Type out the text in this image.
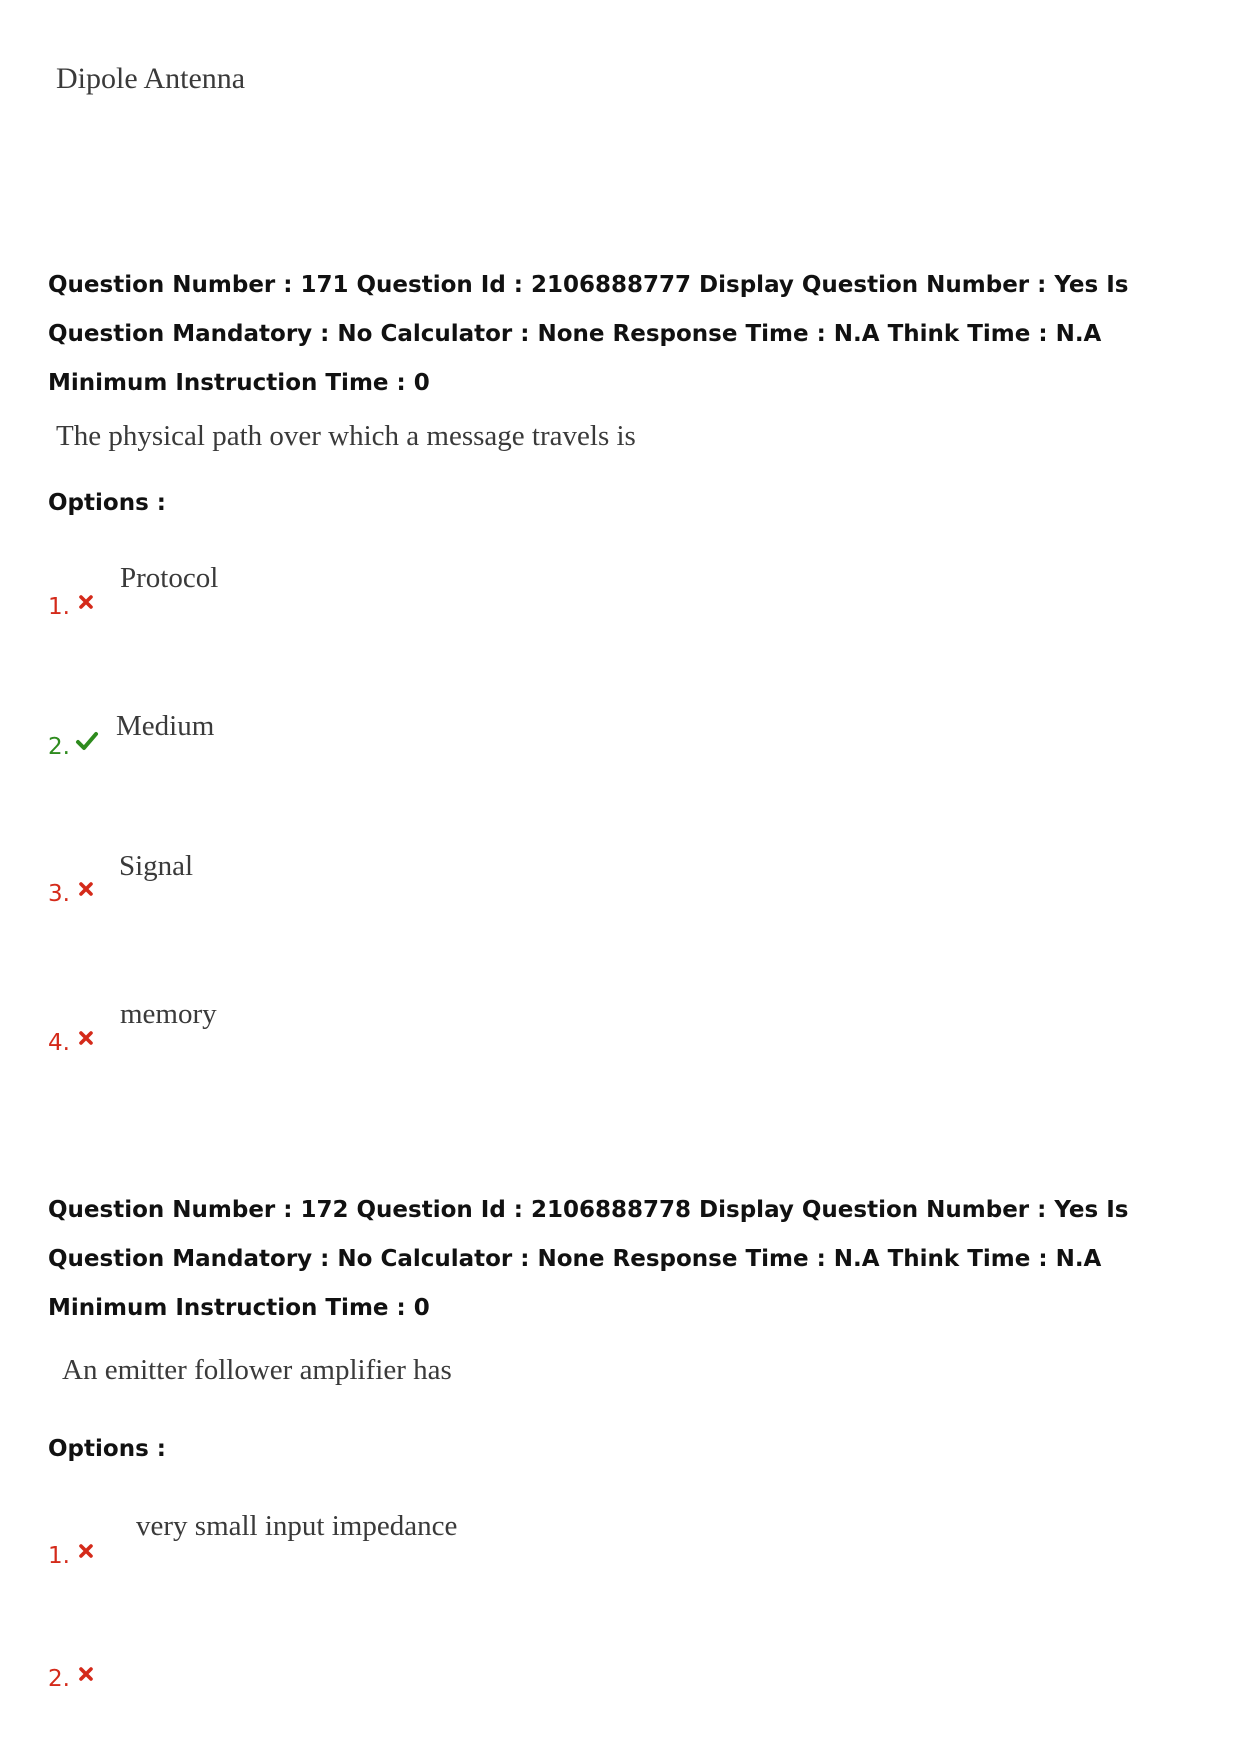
Dipole Antenna
Question Number : 171 Question Id : 2106888777 Display Question Number : Yes Is Question Mandatory : No Calculator : None Response Time : N.A Think Time : N.A Minimum Instruction Time : 0
The physical path over which a message travels is
Options :
1.
Protocol
2.
Medium
3.
Signal
4.
memory
Question Number : 172 Question Id : 2106888778 Display Question Number : Yes Is Question Mandatory : No Calculator : None Response Time : N.A Think Time : N.A Minimum Instruction Time : 0
An emitter follower amplifier has
Options :
1.
very small input impedance
2.
